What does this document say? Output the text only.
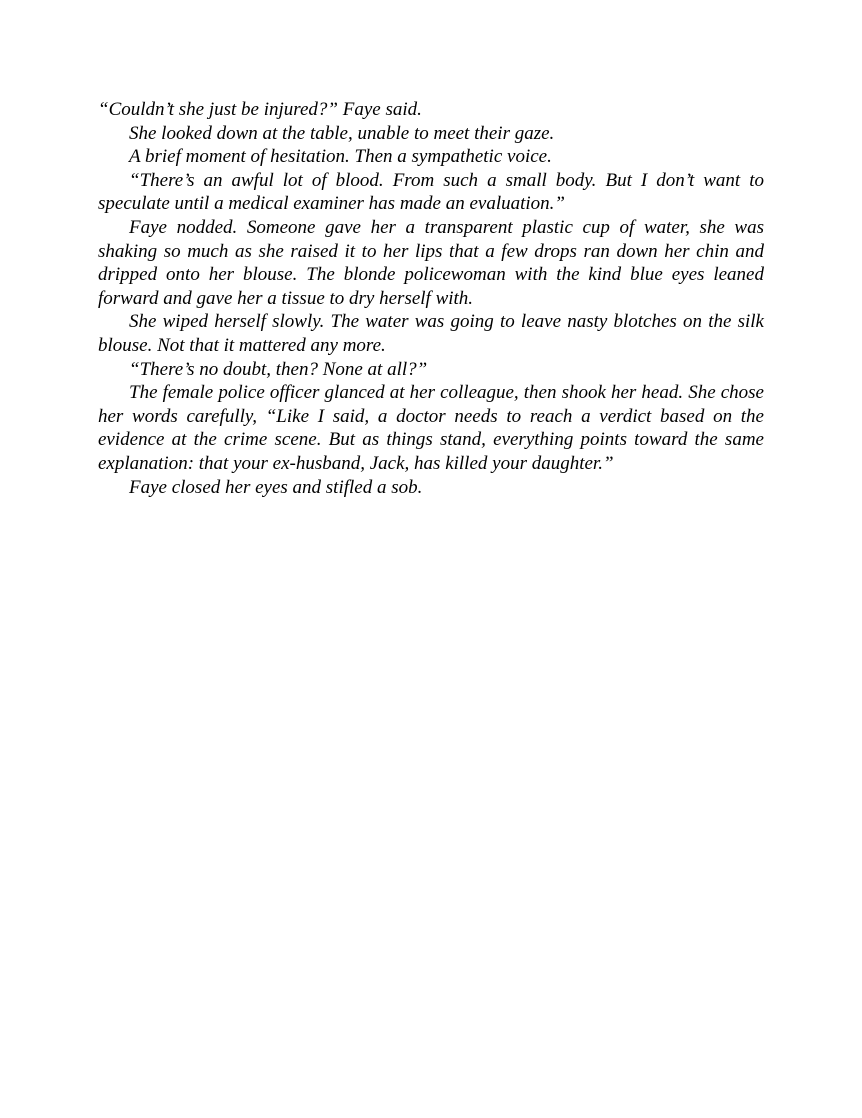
“Couldn’t she just be injured?” Faye said.

She looked down at the table, unable to meet their gaze.

A brief moment of hesitation. Then a sympathetic voice.

“There’s an awful lot of blood. From such a small body. But I don’t want to speculate until a medical examiner has made an evaluation.”

Faye nodded. Someone gave her a transparent plastic cup of water, she was shaking so much as she raised it to her lips that a few drops ran down her chin and dripped onto her blouse. The blonde policewoman with the kind blue eyes leaned forward and gave her a tissue to dry herself with.

She wiped herself slowly. The water was going to leave nasty blotches on the silk blouse. Not that it mattered any more.

“There’s no doubt, then? None at all?”

The female police officer glanced at her colleague, then shook her head. She chose her words carefully, “Like I said, a doctor needs to reach a verdict based on the evidence at the crime scene. But as things stand, everything points toward the same explanation: that your ex-husband, Jack, has killed your daughter.”

Faye closed her eyes and stifled a sob.
